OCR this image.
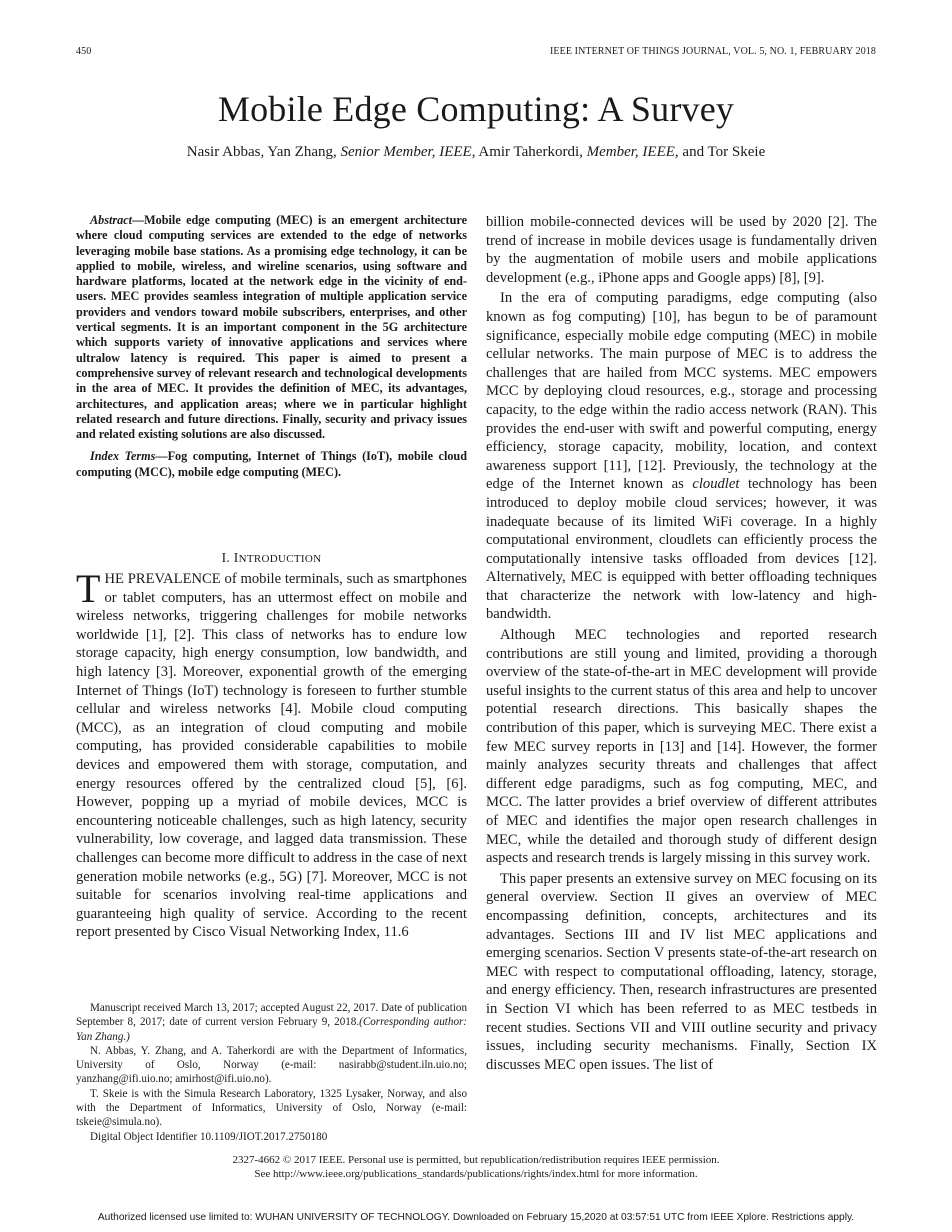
450	IEEE INTERNET OF THINGS JOURNAL, VOL. 5, NO. 1, FEBRUARY 2018
Mobile Edge Computing: A Survey

Nasir Abbas, Yan Zhang, Senior Member, IEEE, Amir Taherkordi, Member, IEEE, and Tor Skeie

Abstract—Mobile edge computing (MEC) is an emergent architecture where cloud computing services are extended to the edge of networks leveraging mobile base stations. As a promising edge technology, it can be applied to mobile, wireless, and wireline scenarios, using software and hardware platforms, located at the network edge in the vicinity of end-users. MEC provides seamless integration of multiple application service providers and vendors toward mobile subscribers, enterprises, and other vertical segments. It is an important component in the 5G architecture which supports variety of innovative applications and services where ultralow latency is required. This paper is aimed to present a comprehensive survey of relevant research and technological developments in the area of MEC. It provides the definition of MEC, its advantages, architectures, and application areas; where we in particular highlight related research and future directions. Finally, security and privacy issues and related existing solutions are also discussed.

Index Terms—Fog computing, Internet of Things (IoT), mobile cloud computing (MCC), mobile edge computing (MEC).

I. INTRODUCTION

THE PREVALENCE of mobile terminals, such as smartphones or tablet computers, has an uttermost effect on mobile and wireless networks, triggering challenges for mobile networks worldwide [1], [2]. This class of networks has to endure low storage capacity, high energy consumption, low bandwidth, and high latency [3]. Moreover, exponential growth of the emerging Internet of Things (IoT) technology is foreseen to further stumble cellular and wireless networks [4]. Mobile cloud computing (MCC), as an integration of cloud computing and mobile computing, has provided considerable capabilities to mobile devices and empowered them with storage, computation, and energy resources offered by the centralized cloud [5], [6]. However, popping up a myriad of mobile devices, MCC is encountering noticeable challenges, such as high latency, security vulnerability, low coverage, and lagged data transmission. These challenges can become more difficult to address in the case of next generation mobile networks (e.g., 5G) [7]. Moreover, MCC is not suitable for scenarios involving real-time applications and guaranteeing high quality of service. According to the recent report presented by Cisco Visual Networking Index, 11.6

billion mobile-connected devices will be used by 2020 [2]. The trend of increase in mobile devices usage is fundamentally driven by the augmentation of mobile users and mobile applications development (e.g., iPhone apps and Google apps) [8], [9].

In the era of computing paradigms, edge computing (also known as fog computing) [10], has begun to be of paramount significance, especially mobile edge computing (MEC) in mobile cellular networks. The main purpose of MEC is to address the challenges that are hailed from MCC systems. MEC empowers MCC by deploying cloud resources, e.g., storage and processing capacity, to the edge within the radio access network (RAN). This provides the end-user with swift and powerful computing, energy efficiency, storage capacity, mobility, location, and context awareness support [11], [12]. Previously, the technology at the edge of the Internet known as cloudlet technology has been introduced to deploy mobile cloud services; however, it was inadequate because of its limited WiFi coverage. In a highly computational environment, cloudlets can efficiently process the computationally intensive tasks offloaded from devices [12]. Alternatively, MEC is equipped with better offloading techniques that characterize the network with low-latency and high-bandwidth.

Although MEC technologies and reported research contributions are still young and limited, providing a thorough overview of the state-of-the-art in MEC development will provide useful insights to the current status of this area and help to uncover potential research directions. This basically shapes the contribution of this paper, which is surveying MEC. There exist a few MEC survey reports in [13] and [14]. However, the former mainly analyzes security threats and challenges that affect different edge paradigms, such as fog computing, MEC, and MCC. The latter provides a brief overview of different attributes of MEC and identifies the major open research challenges in MEC, while the detailed and thorough study of different design aspects and research trends is largely missing in this survey work.

This paper presents an extensive survey on MEC focusing on its general overview. Section II gives an overview of MEC encompassing definition, concepts, architectures and its advantages. Sections III and IV list MEC applications and emerging scenarios. Section V presents state-of-the-art research on MEC with respect to computational offloading, latency, storage, and energy efficiency. Then, research infrastructures are presented in Section VI which has been referred to as MEC testbeds in recent studies. Sections VII and VIII outline security and privacy issues, including security mechanisms. Finally, Section IX discusses MEC open issues. The list of

Manuscript received March 13, 2017; accepted August 22, 2017. Date of publication September 8, 2017; date of current version February 9, 2018.(Corresponding author: Yan Zhang.)

N. Abbas, Y. Zhang, and A. Taherkordi are with the Department of Informatics, University of Oslo, Norway (e-mail: nasirabb@student.iln.uio.no; yanzhang@ifi.uio.no; amirhost@ifi.uio.no).

T. Skeie is with the Simula Research Laboratory, 1325 Lysaker, Norway, and also with the Department of Informatics, University of Oslo, Norway (e-mail: tskeie@simula.no).

Digital Object Identifier 10.1109/JIOT.2017.2750180

2327-4662 © 2017 IEEE. Personal use is permitted, but republication/redistribution requires IEEE permission.

See http://www.ieee.org/publications_standards/publications/rights/index.html for more information.

Authorized licensed use limited to: WUHAN UNIVERSITY OF TECHNOLOGY. Downloaded on February 15,2020 at 03:57:51 UTC from IEEE Xplore. Restrictions apply.
